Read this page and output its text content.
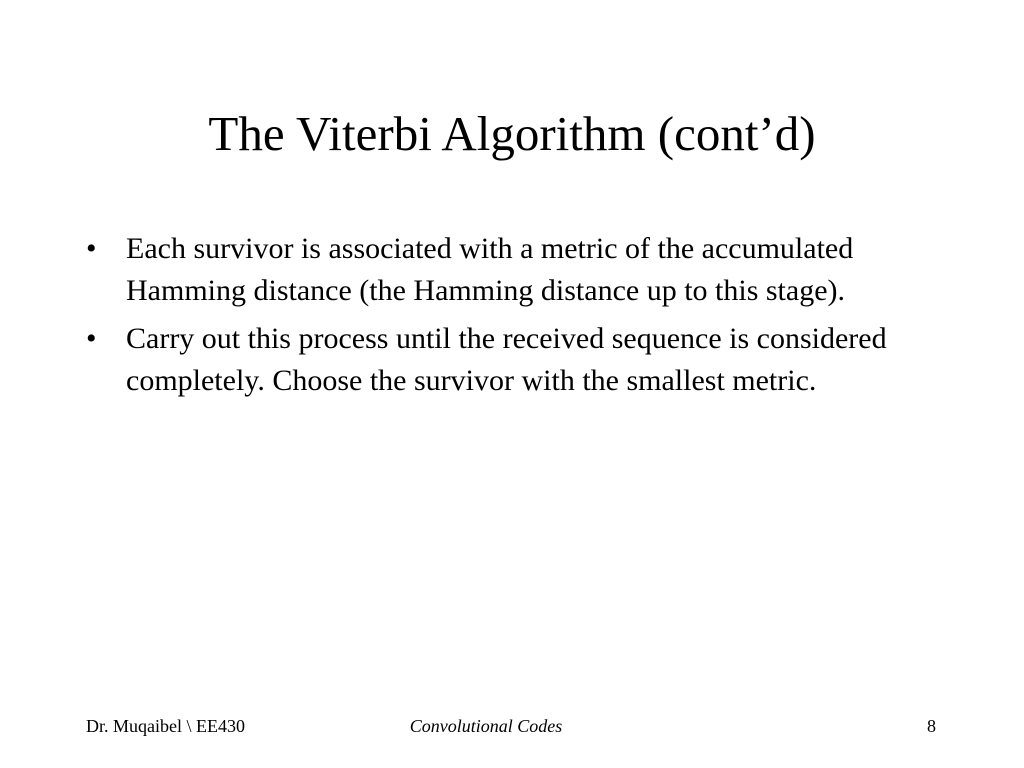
The Viterbi Algorithm (cont’d)
• Each survivor is associated with a metric of the accumulated Hamming distance (the Hamming distance up to this stage).
• Carry out this process until the received sequence is considered completely. Choose the survivor with the smallest metric.
Dr. Muqaibel \ EE430	Convolutional Codes	8
